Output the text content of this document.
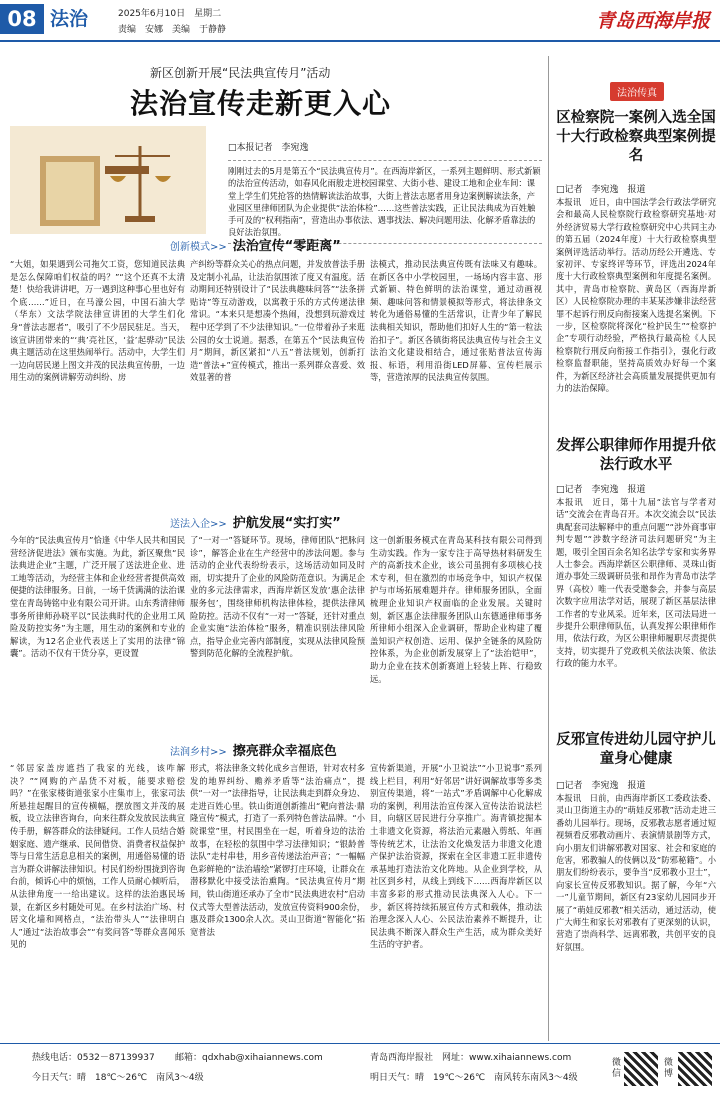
08 法治	2025年6月10日　星期二
责编　安娜　美编　于静静	青岛西海岸报
新区创新开展“民法典宣传月”活动
法治宣传走新更入心
□本报记者　李宛逸
刚刚过去的5月是第五个“民法典宣传月”。在西海岸新区，一系列主题鲜明、形式新颖的法治宣传活动，如春风化雨般走进校园课堂、大街小巷、建设工地和企业车间：课堂上学生们凭抢答的热情解读法治故事，大街上普法志愿者用身边案例解读法条，产业园区里律师团队为企业提供“法治体检”……这些普法实践，正让民法典成为百姓触手可及的“权利指南”，营造出办事依法、遇事找法、解决问题用法、化解矛盾靠法的良好法治氛围。
创新模式>> 法治宣传“零距离”
“大姐，如果遇到公司拖欠工资，您知道民法典是怎么保障咱们权益的吗？”“这个还真不太清楚！快给我讲讲吧，万一遇到这种事心里也好有个底……”近日，在马濠公园，中国石油大学（华东）文法学院法律宣讲团的大学生们化身“普法志愿者”，吸引了不少居民驻足。当天，该宣讲团带来的“‘典’亮社区，‘益’起骅动”民法典主题活动在这里热闹举行。活动中，大学生们一边向居民递上图文并茂的民法典宣传册，一边用生动的案例讲解劳动纠纷、房
产纠纷等群众关心的热点问题，并发放普法手册及定制小礼品，让法治氛围浓了度又有温度。活动期间还特别设计了“民法典趣味问答”“法条拼贴诗”等互动游戏，以寓教于乐的方式传递法律常识。“本来只是想凑个热闹，没想到玩游戏过程中还学到了不少法律知识。”一位带着孙子来逛公园的女士说道。据悉，在第五个“民法典宣传月”期间，新区紧扣“八五”普法规划，创新打造“普法+”宣传模式，推出一系列群众喜爱、效效显著的普
法模式，推动民法典宣传既有法味又有趣味。在新区各中小学校园里，一场场内容丰富、形式新颖、特色鲜明的法治课堂，通过动画视频、趣味问答和情景模拟等形式，将法律条文转化为通俗易懂的生活常识，让青少年了解民法典相关知识，帮助他们扣好人生的“第一粒法治扣子”。新区各镇街将民法典宣传与社会主义法治文化建设相结合，通过张贴普法宣传海报、标语，利用沿街LED屏幕、宣传栏展示等，营造浓厚的民法典宣传氛围。
送法入企>> 护航发展“实打实”
今年的“民法典宣传月”恰逢《中华人民共和国民营经济促进法》颁布实施。为此，新区聚焦“民法典进企业”主题，广泛开展了送法进企业、进工地等活动，为经营主体和企业经营者提供高效便捷的法律服务。日前，一场千货满满的法治课堂在青岛铸铭中业有限公司开讲。山东秀清律师事务所律师孙晓平以“民法典时代的企业用工风险及防控实务”为主题，用生动的案例和专业的解读，为12名企业代表送上了实用的法律“锦囊”。活动不仅有干货分享，更设置
了“一对一”答疑环节。现场，律师团队“把脉问诊”，解答企业在生产经营中的涉法问题。参与活动的企业代表纷纷表示，这场活动如同及时雨，切实提升了企业的风险防范意识。为满足企业的多元法律需求，西海岸新区发放‘惠企法律服务包’，围绕律师机构法律体检，提供法律风险防控。活动不仅有“一对一”答疑，还针对重点企业实施“法治体检”服务，精准识别法律风险点，指导企业完善内部制度，实现从法律风险预警到防范化解的全流程护航。
这一创新服务模式在青岛某科技有限公司得到生动实践。作为一家专注于高导热材料研发生产的高新技术企业，该公司虽拥有多项核心技术专利，但在激烈的市场竞争中，知识产权保护与市场拓展难题并存。律师服务团队，全面梳理企业知识产权面临的企业发展。关键时刻，新区惠企法律服务团队山东德通律师事务所律师小组深入企业调研，帮助企业构建了覆盖知识产权创造、运用、保护全链条的风险防控体系，为企业创新发展穿上了“法治铠甲”，助力企业在技术创新赛道上轻装上阵、行稳致远。
法润乡村>> 擦亮群众幸福底色
“邻居家盖房遮挡了我家的光线，该咋解决？”“网购的产品货不对板，能要求赔偿吗？”在张家楼街道张家小庄集市上，张家司法所悬挂起醒目的宣传横幅，摆放图文并茂的展板，设立法律咨询台，向来往群众发放民法典宣传手册，解答群众的法律疑问。工作人员结合婚姻家庭、遗产继承、民间借贷、消费者权益保护等与日常生活息息相关的案例，用通俗易懂的语言为群众讲解法律知识。村民们纷纷围拢到咨询台前，倾诉心中的烦恼，工作人员耐心倾听后，从法律角度一一给出建议。这样的法治惠民场景，在新区乡村随处可见。在乡村法治广场、村居文化墙和网格点，“法治带头人”“法律明白人”通过“法治故事会”“有奖问答”等群众喜闻乐见的
形式，将法律条文转化成乡言俚语，针对农村多发的地界纠纷、赡养矛盾等“法治痛点”，提供“一对一”法律指导，让民法典走到群众身边、走进百姓心里。铁山街道创新推出“靶向普法·鼎隆宣传”模式，打造了一系列特色普法品牌。“小院课堂”里，村民围坐在一起，听着身边的法治故事，在轻松的氛围中学习法律知识；“银龄普法队”走村串巷，用乡音传递法治声音；“一幅幅色彩鲜艳的“法治墙绘”紧锣打庄环境，让群众在潜移默化中接受法治熏陶。“民法典宣传月”期间，铁山街道还承办了全市“民法典进农村”启动仪式等大型普法活动，发放宣传资料900余份，惠及群众1300余人次。灵山卫街道“智能化”拓宽普法
宣传新渠道，开展“小卫说法”“小卫说事”系列线上栏目，利用“好邻居”讲好调解故事等多类别宣传渠道，将“一站式”矛盾调解中心化解成功的案例，利用法治宣传深入宣传法治说法栏目，向辖区居民进行分享推广。海青镇挖掘本土非遗文化资源，将法治元素融入剪纸、年画等传统艺术，让法治文化焕发活力非遗文化遗产保护法治资源，探索在全区非遗工匠非遗传承基地打造法治文化阵地。从企业到学校，从社区到乡村，从线上到线下……西海岸新区以丰富多彩的形式推动民法典深入人心。下一步，新区将持续拓展宣传方式和载体，推动法治理念深入人心、公民法治素养不断提升，让民法典不断深入群众生产生活，成为群众美好生活的守护者。
法治传真
区检察院一案例入选全国十大行政检察典型案例提名
□记者　李宛逸　报道
本报讯　近日，由中国法学会行政法学研究会和最高人民检察院行政检察研究基地·对外经济贸易大学行政检察研究中心共同主办的第五届（2024年度）十大行政检察典型案例评选活动举行。活动历经公开遴选、专家初评、专家终评等环节，评选出2024年度十大行政检察典型案例和年度提名案例。其中，青岛市检察院、黄岛区（西海岸新区）人民检察院办理的丰某某涉嫌非法经营罪不起诉行刑反向衔接案入选提名案例。下一步，区检察院将深化“检护民生”“检察护企”专项行动经验，严格执行最高检《人民检察院行刑反向衔接工作指引》，强化行政检察监督职能，坚持高质效办好每一个案件，为新区经济社会高质量发展提供更加有力的法治保障。
发挥公职律师作用提升依法行政水平
□记者　李宛逸　报道
本报讯　近日，第十九届“法官与学者对话”交流会在青岛召开。本次交流会以“民法典配套司法解释中的重点问题”“涉外商事审判专题”“涉数字经济司法问题研究”为主题，吸引全国百余名知名法学专家和实务界人士参会。西海岸新区公职律师、灵珠山街道办事处三级调研员张和昂作为青岛市法学界（高校）唯一代表受邀参会，并参与高层次数字应用法学对话，展现了新区基层法律工作者的专业风采。近年来，区司法局进一步提升公职律师队伍，认真发挥公职律师作用，依法行政，为区公职律师履职尽责提供支持，切实提升了党政机关依法决策、依法行政的能力水平。
反邪宣传进幼儿园守护儿童身心健康
□记者　李宛逸　报道
本报讯　日前，由西海岸新区工委政法委、灵山卫街道主办的“萌娃反邪教”活动走进三番幼儿园举行。现场，反邪教志愿者通过短视频看反邪教动画片、表演情景剧等方式，向小朋友们讲解邪教对国家、社会和家庭的危害，邪教骗人的伎俩以及“防邪秘籍”。小朋友们纷纷表示，要争当“反邪教小卫士”，向家长宣传反邪教知识。据了解，今年“六一”儿童节期间，新区有23家幼儿园同步开展了“萌娃反邪教”相关活动，通过活动，使广大师生和家长对邪教有了更深刻的认识，营造了崇尚科学、远离邪教，共创平安的良好氛围。
热线电话：0532－87139937 邮箱：qdxhab@xihaiannews.com	青岛西海岸报社　网址：www.xihaiannews.com
今日天气：晴　18℃～26℃　南风3～4级	明日天气：晴　19℃～26℃　南风转东南风3～4级
微信
微博
